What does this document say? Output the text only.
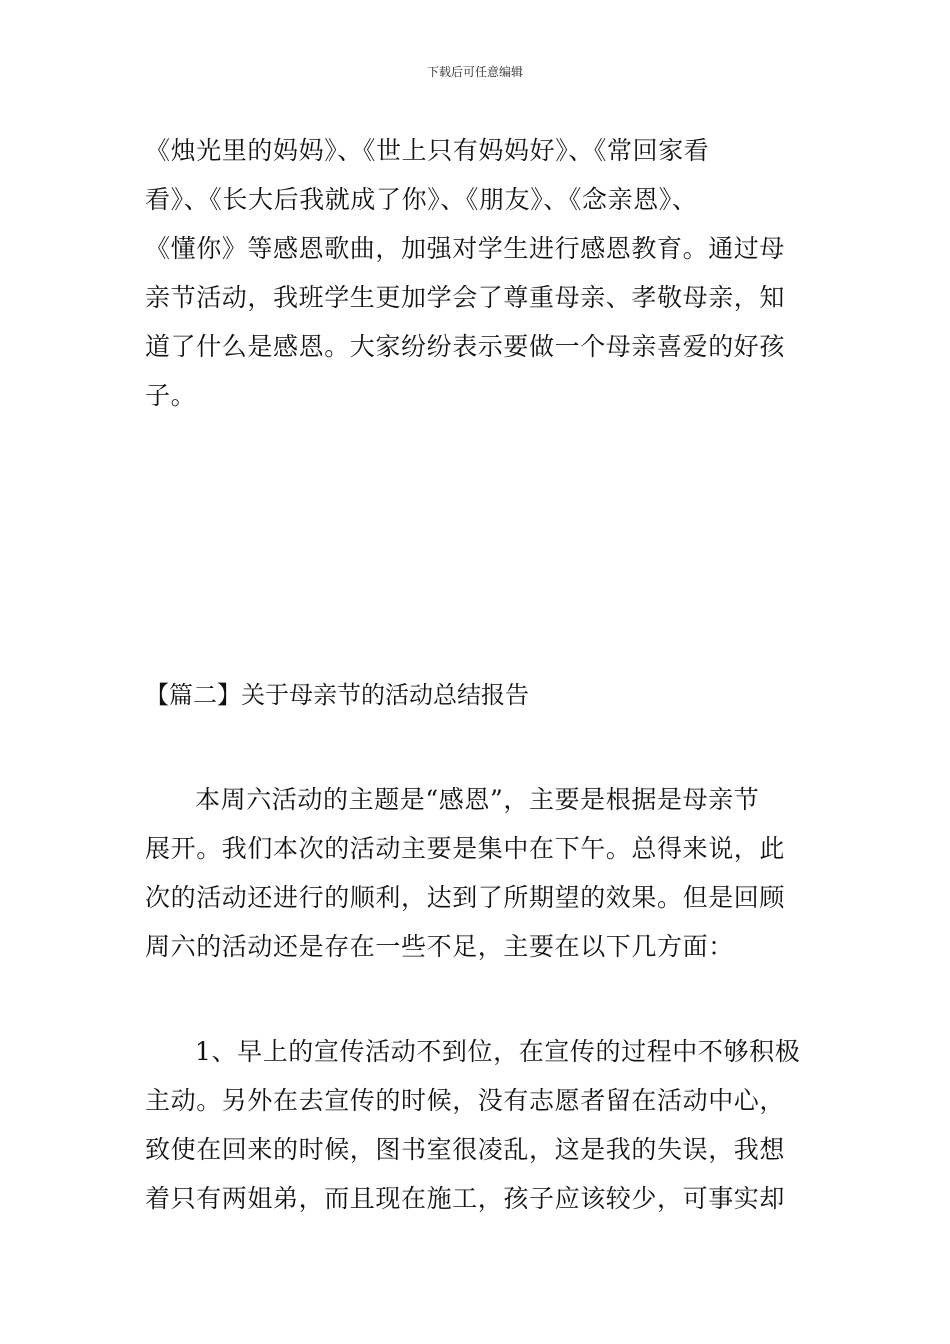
下载后可任意编辑
《烛光里的妈妈》、《世上只有妈妈好》、《常回家看
看》、《长大后我就成了你》、《朋友》、《念亲恩》、
《懂你》等感恩歌曲，加强对学生进行感恩教育。通过母
亲节活动，我班学生更加学会了尊重母亲、孝敬母亲，知
道了什么是感恩。大家纷纷表示要做一个母亲喜爱的好孩
子。
【篇二】关于母亲节的活动总结报告
本周六活动的主题是“感恩”，主要是根据是母亲节
展开。我们本次的活动主要是集中在下午。总得来说，此
次的活动还进行的顺利，达到了所期望的效果。但是回顾
周六的活动还是存在一些不足，主要在以下几方面：
1、早上的宣传活动不到位，在宣传的过程中不够积极
主动。另外在去宣传的时候，没有志愿者留在活动中心，
致使在回来的时候，图书室很凌乱，这是我的失误，我想
着只有两姐弟，而且现在施工，孩子应该较少，可事实却
